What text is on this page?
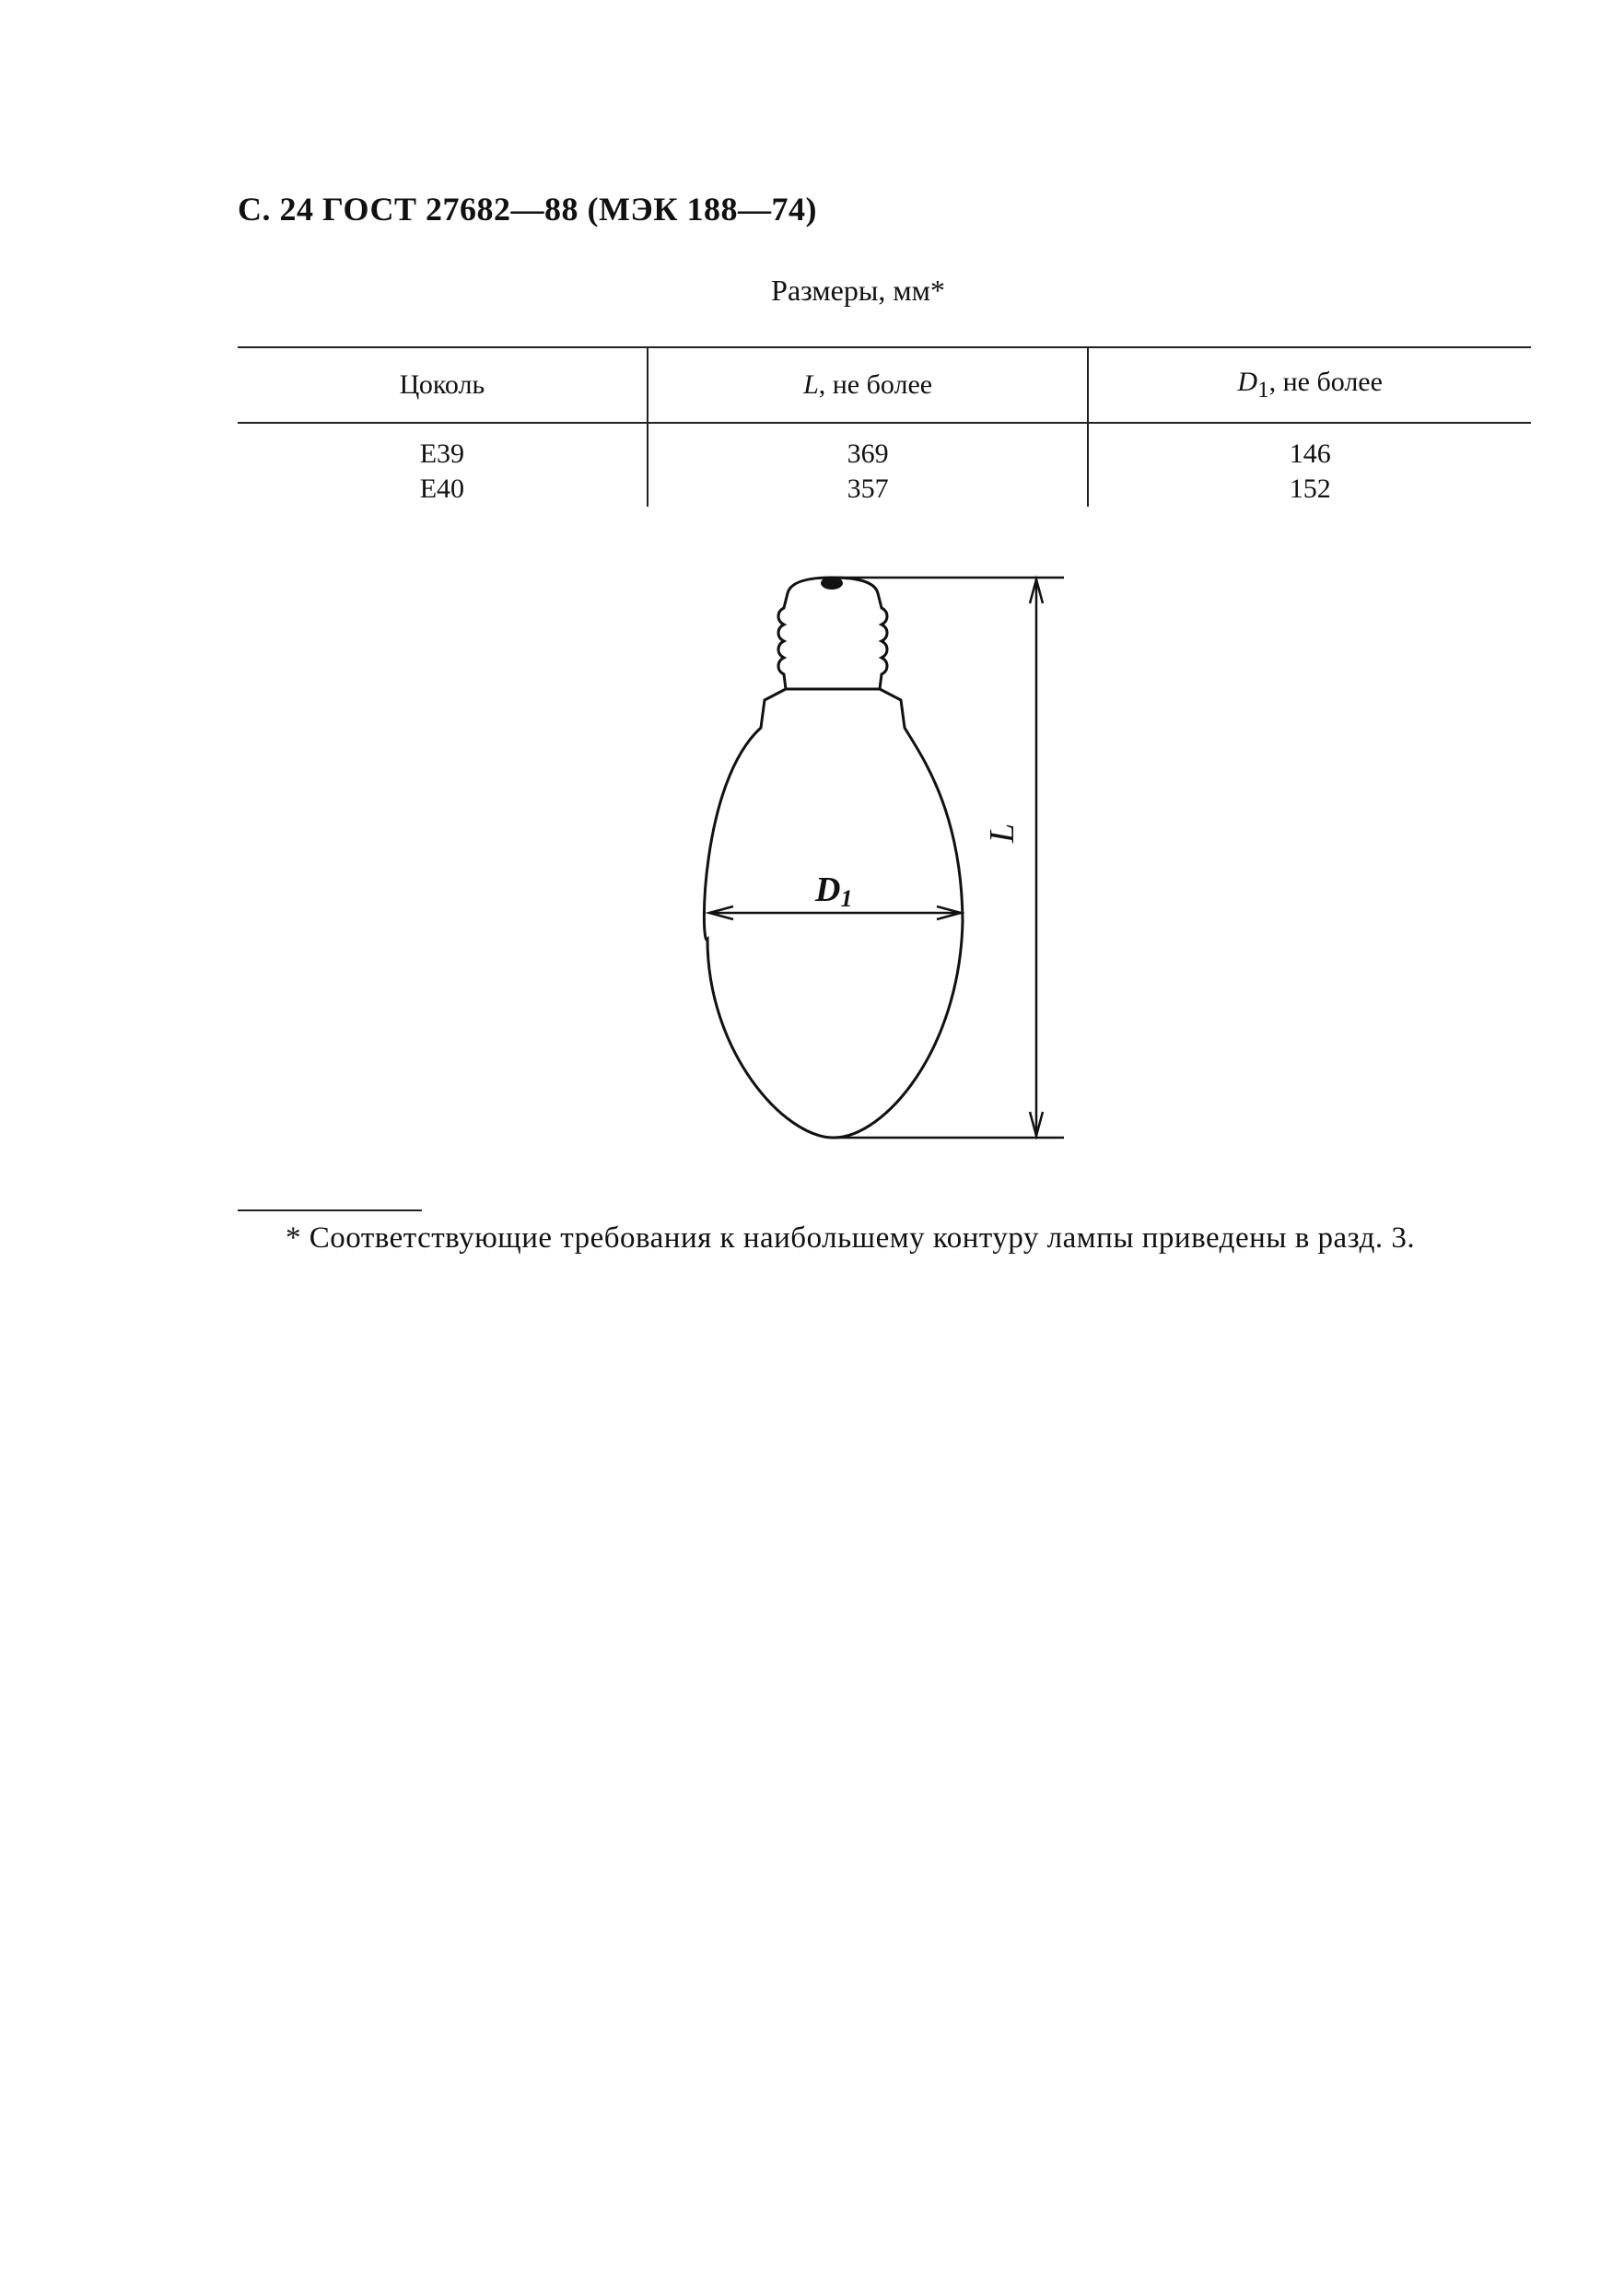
С. 24 ГОСТ 27682—88 (МЭК 188—74)
Размеры, мм*
Цоколь	L, не более	$D_1$, не более
E39	369	146
E40	357	152
D1
L
* Соответствующие требования к наибольшему контуру лампы приведены в разд. 3.
